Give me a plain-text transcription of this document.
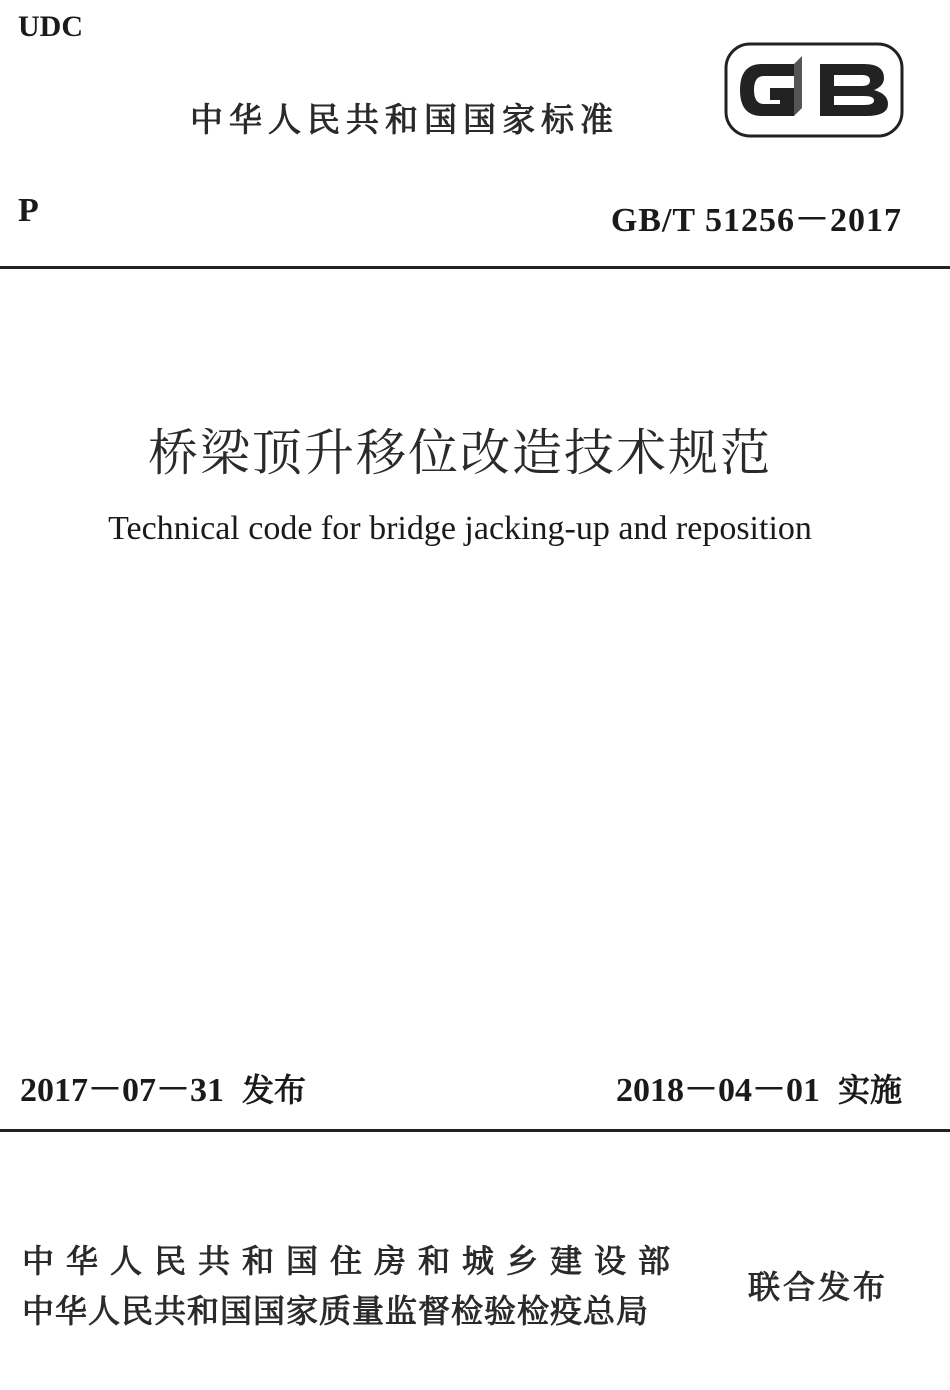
UDC
中华人民共和国国家标准
P	GB/T 51256－2017
桥梁顶升移位改造技术规范
Technical code for bridge jacking-up and reposition
2017－07－31 发布	2018－04－01 实施
中华人民共和国住房和城乡建设部
中华人民共和国国家质量监督检验检疫总局
联合发布
